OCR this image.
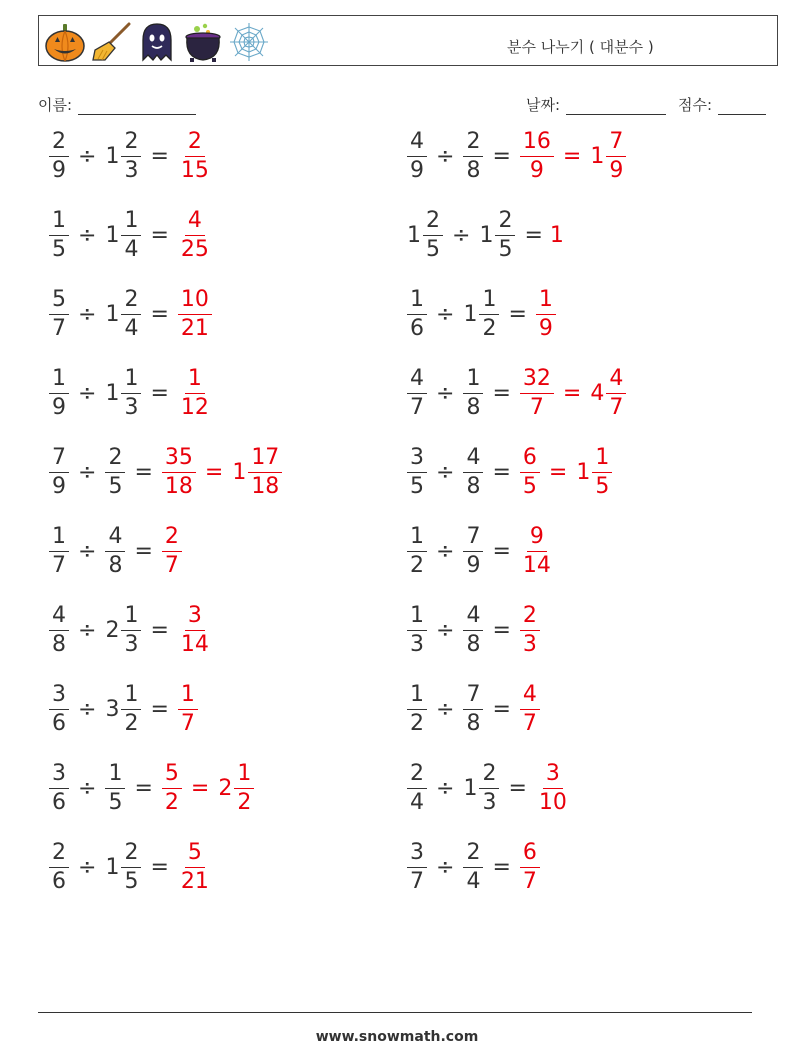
분수 나누기 ( 대분수 )
이름:	날짜:	점수:
$\frac{2}{9} \div 1 \frac{2}{3} = \frac{2}{15}$	$\frac{4}{9} \div \frac{2}{8} = \frac{16}{9} = 1 \frac{7}{9}$
$\frac{1}{5} \div 1 \frac{1}{4} = \frac{4}{25}$	$1 \frac{2}{5} \div 1 \frac{2}{5} = 1$
$\frac{5}{7} \div 1 \frac{2}{4} = \frac{10}{21}$	$\frac{1}{6} \div 1 \frac{1}{2} = \frac{1}{9}$
$\frac{1}{9} \div 1 \frac{1}{3} = \frac{1}{12}$	$\frac{4}{7} \div \frac{1}{8} = \frac{32}{7} = 4 \frac{4}{7}$
$\frac{7}{9} \div \frac{2}{5} = \frac{35}{18} = 1 \frac{17}{18}$	$\frac{3}{5} \div \frac{4}{8} = \frac{6}{5} = 1 \frac{1}{5}$
$\frac{1}{7} \div \frac{4}{8} = \frac{2}{7}$	$\frac{1}{2} \div \frac{7}{9} = \frac{9}{14}$
$\frac{4}{8} \div 2 \frac{1}{3} = \frac{3}{14}$	$\frac{1}{3} \div \frac{4}{8} = \frac{2}{3}$
$\frac{3}{6} \div 3 \frac{1}{2} = \frac{1}{7}$	$\frac{1}{2} \div \frac{7}{8} = \frac{4}{7}$
$\frac{3}{6} \div \frac{1}{5} = \frac{5}{2} = 2 \frac{1}{2}$	$\frac{2}{4} \div 1 \frac{2}{3} = \frac{3}{10}$
$\frac{2}{6} \div 1 \frac{2}{5} = \frac{5}{21}$	$\frac{3}{7} \div \frac{2}{4} = \frac{6}{7}$
www.snowmath.com
